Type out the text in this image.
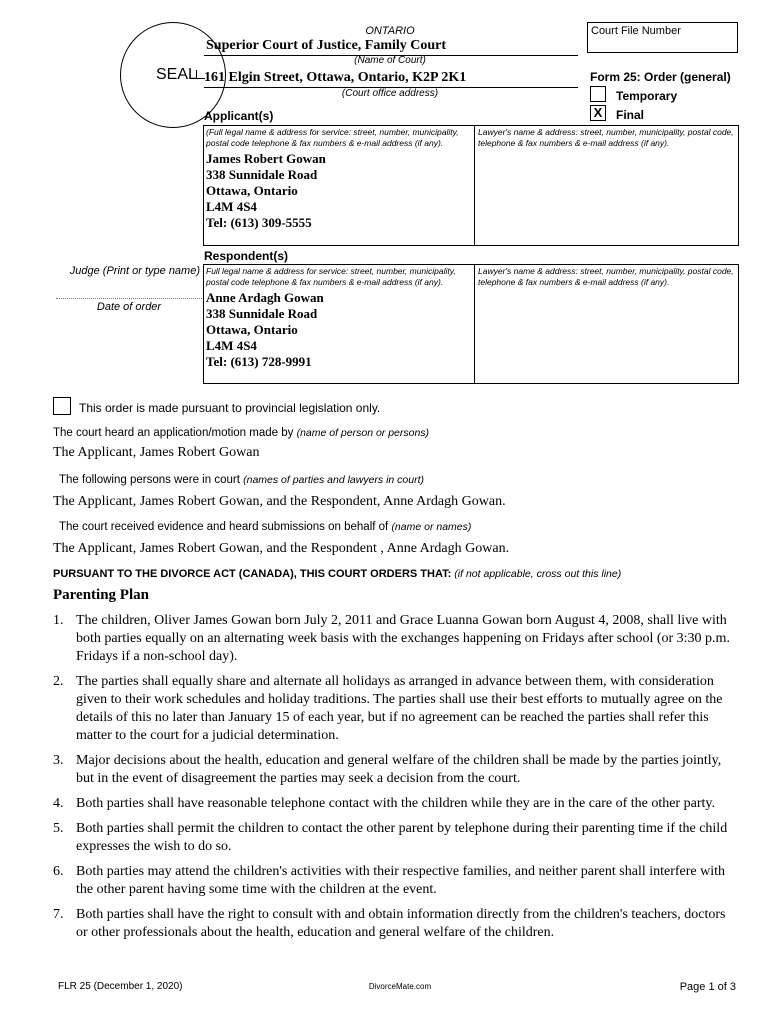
SEAL
ONTARIO
Superior Court of Justice, Family Court
(Name of Court)
161 Elgin Street, Ottawa, Ontario, K2P 2K1
(Court office address)
Court File Number
Form 25: Order (general)
Temporary
X	Final
Applicant(s)
(Full legal name & address for service: street, number, municipality, postal code telephone & fax numbers & e-mail address (if any).
James Robert Gowan
338 Sunnidale Road
Ottawa, Ontario
L4M 4S4
Tel: (613) 309-5555
Lawyer's name & address: street, number, municipality, postal code, telephone & fax numbers & e-mail address (if any).
Respondent(s)
Full legal name & address for service: street, number, municipality, postal code telephone & fax numbers & e-mail address (if any).
Anne Ardagh Gowan
338 Sunnidale Road
Ottawa, Ontario
L4M 4S4
Tel: (613) 728-9991
Lawyer's name & address: street, number, municipality, postal code, telephone & fax numbers & e-mail address (if any).
Judge (Print or type name)
Date of order
This order is made pursuant to provincial legislation only.
The court heard an application/motion made by (name of person or persons)
The Applicant, James Robert Gowan
The following persons were in court (names of parties and lawyers in court)
The Applicant, James Robert Gowan, and the Respondent, Anne Ardagh Gowan.
The court received evidence and heard submissions on behalf of (name or names)
The Applicant, James Robert Gowan, and the Respondent , Anne Ardagh Gowan.
PURSUANT TO THE DIVORCE ACT (CANADA), THIS COURT ORDERS THAT: (if not applicable, cross out this line)
Parenting Plan
1. The children, Oliver James Gowan born July 2, 2011 and Grace Luanna Gowan born August 4, 2008, shall live with both parties equally on an alternating week basis with the exchanges happening on Fridays after school (or 3:30 p.m. Fridays if a non-school day).
2. The parties shall equally share and alternate all holidays as arranged in advance between them, with consideration given to their work schedules and holiday traditions. The parties shall use their best efforts to mutually agree on the details of this no later than January 15 of each year, but if no agreement can be reached the parties shall refer this matter to the court for a judicial determination.
3. Major decisions about the health, education and general welfare of the children shall be made by the parties jointly, but in the event of disagreement the parties may seek a decision from the court.
4. Both parties shall have reasonable telephone contact with the children while they are in the care of the other party.
5. Both parties shall permit the children to contact the other parent by telephone during their parenting time if the child expresses the wish to do so.
6. Both parties may attend the children's activities with their respective families, and neither parent shall interfere with the other parent having some time with the children at the event.
7. Both parties shall have the right to consult with and obtain information directly from the children's teachers, doctors or other professionals about the health, education and general welfare of the children.
FLR 25 (December 1, 2020)	DivorceMate.com	Page 1 of 3
